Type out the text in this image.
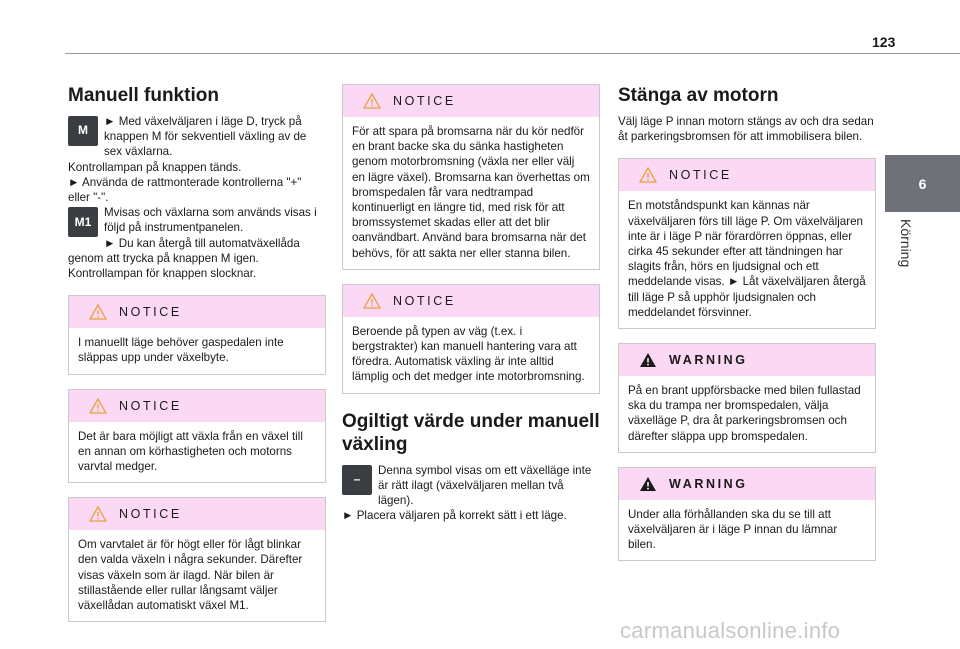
123
6
Körning
Manuell funktion
M
► Med växelväljaren i läge D, tryck på knappen M för sekventiell växling av de sex växlarna.
Kontrollampan på knappen tänds.
► Använda de rattmonterade kontrollerna "+" eller "-".
M1
Mvisas och växlarna som används visas i följd på instrumentpanelen.
► Du kan återgå till automatväxellåda genom att trycka på knappen M igen.
Kontrollampan för knappen slocknar.
NOTICE
I manuellt läge behöver gaspedalen inte släppas upp under växelbyte.
NOTICE
Det är bara möjligt att växla från en växel till en annan om körhastigheten och motorns varvtal medger.
NOTICE
Om varvtalet är för högt eller för lågt blinkar den valda växeln i några sekunder. Därefter visas växeln som är ilagd. När bilen är stillastående eller rullar långsamt väljer växellådan automatiskt växel M1.
NOTICE
För att spara på bromsarna när du kör nedför en brant backe ska du sänka hastigheten genom motorbromsning (växla ner eller välj en lägre växel). Bromsarna kan överhettas om bromspedalen får vara nedtrampad kontinuerligt en längre tid, med risk för att bromssystemet skadas eller att det blir oanvändbart. Använd bara bromsarna när det behövs, för att sakta ner eller stanna bilen.
NOTICE
Beroende på typen av väg (t.ex. i bergstrakter) kan manuell hantering vara att föredra. Automatisk växling är inte alltid lämplig och det medger inte motorbromsning.
Ogiltigt värde under manuell växling
–
Denna symbol visas om ett växelläge inte är rätt ilagt (växelväljaren mellan två lägen).
► Placera väljaren på korrekt sätt i ett läge.
Stänga av motorn
Välj läge P innan motorn stängs av och dra sedan åt parkeringsbromsen för att immobilisera bilen.
NOTICE
En motståndspunkt kan kännas när växelväljaren förs till läge P. Om växelväljaren inte är i läge P när förardörren öppnas, eller cirka 45 sekunder efter att tändningen har slagits från, hörs en ljudsignal och ett meddelande visas. ► Låt växelväljaren återgå till läge P så upphör ljudsignalen och meddelandet försvinner.
WARNING
På en brant uppförsbacke med bilen fullastad ska du trampa ner bromspedalen, välja växelläge P, dra åt parkeringsbromsen och därefter släppa upp bromspedalen.
WARNING
Under alla förhållanden ska du se till att växelväljaren är i läge P innan du lämnar bilen.
carmanualsonline.info
